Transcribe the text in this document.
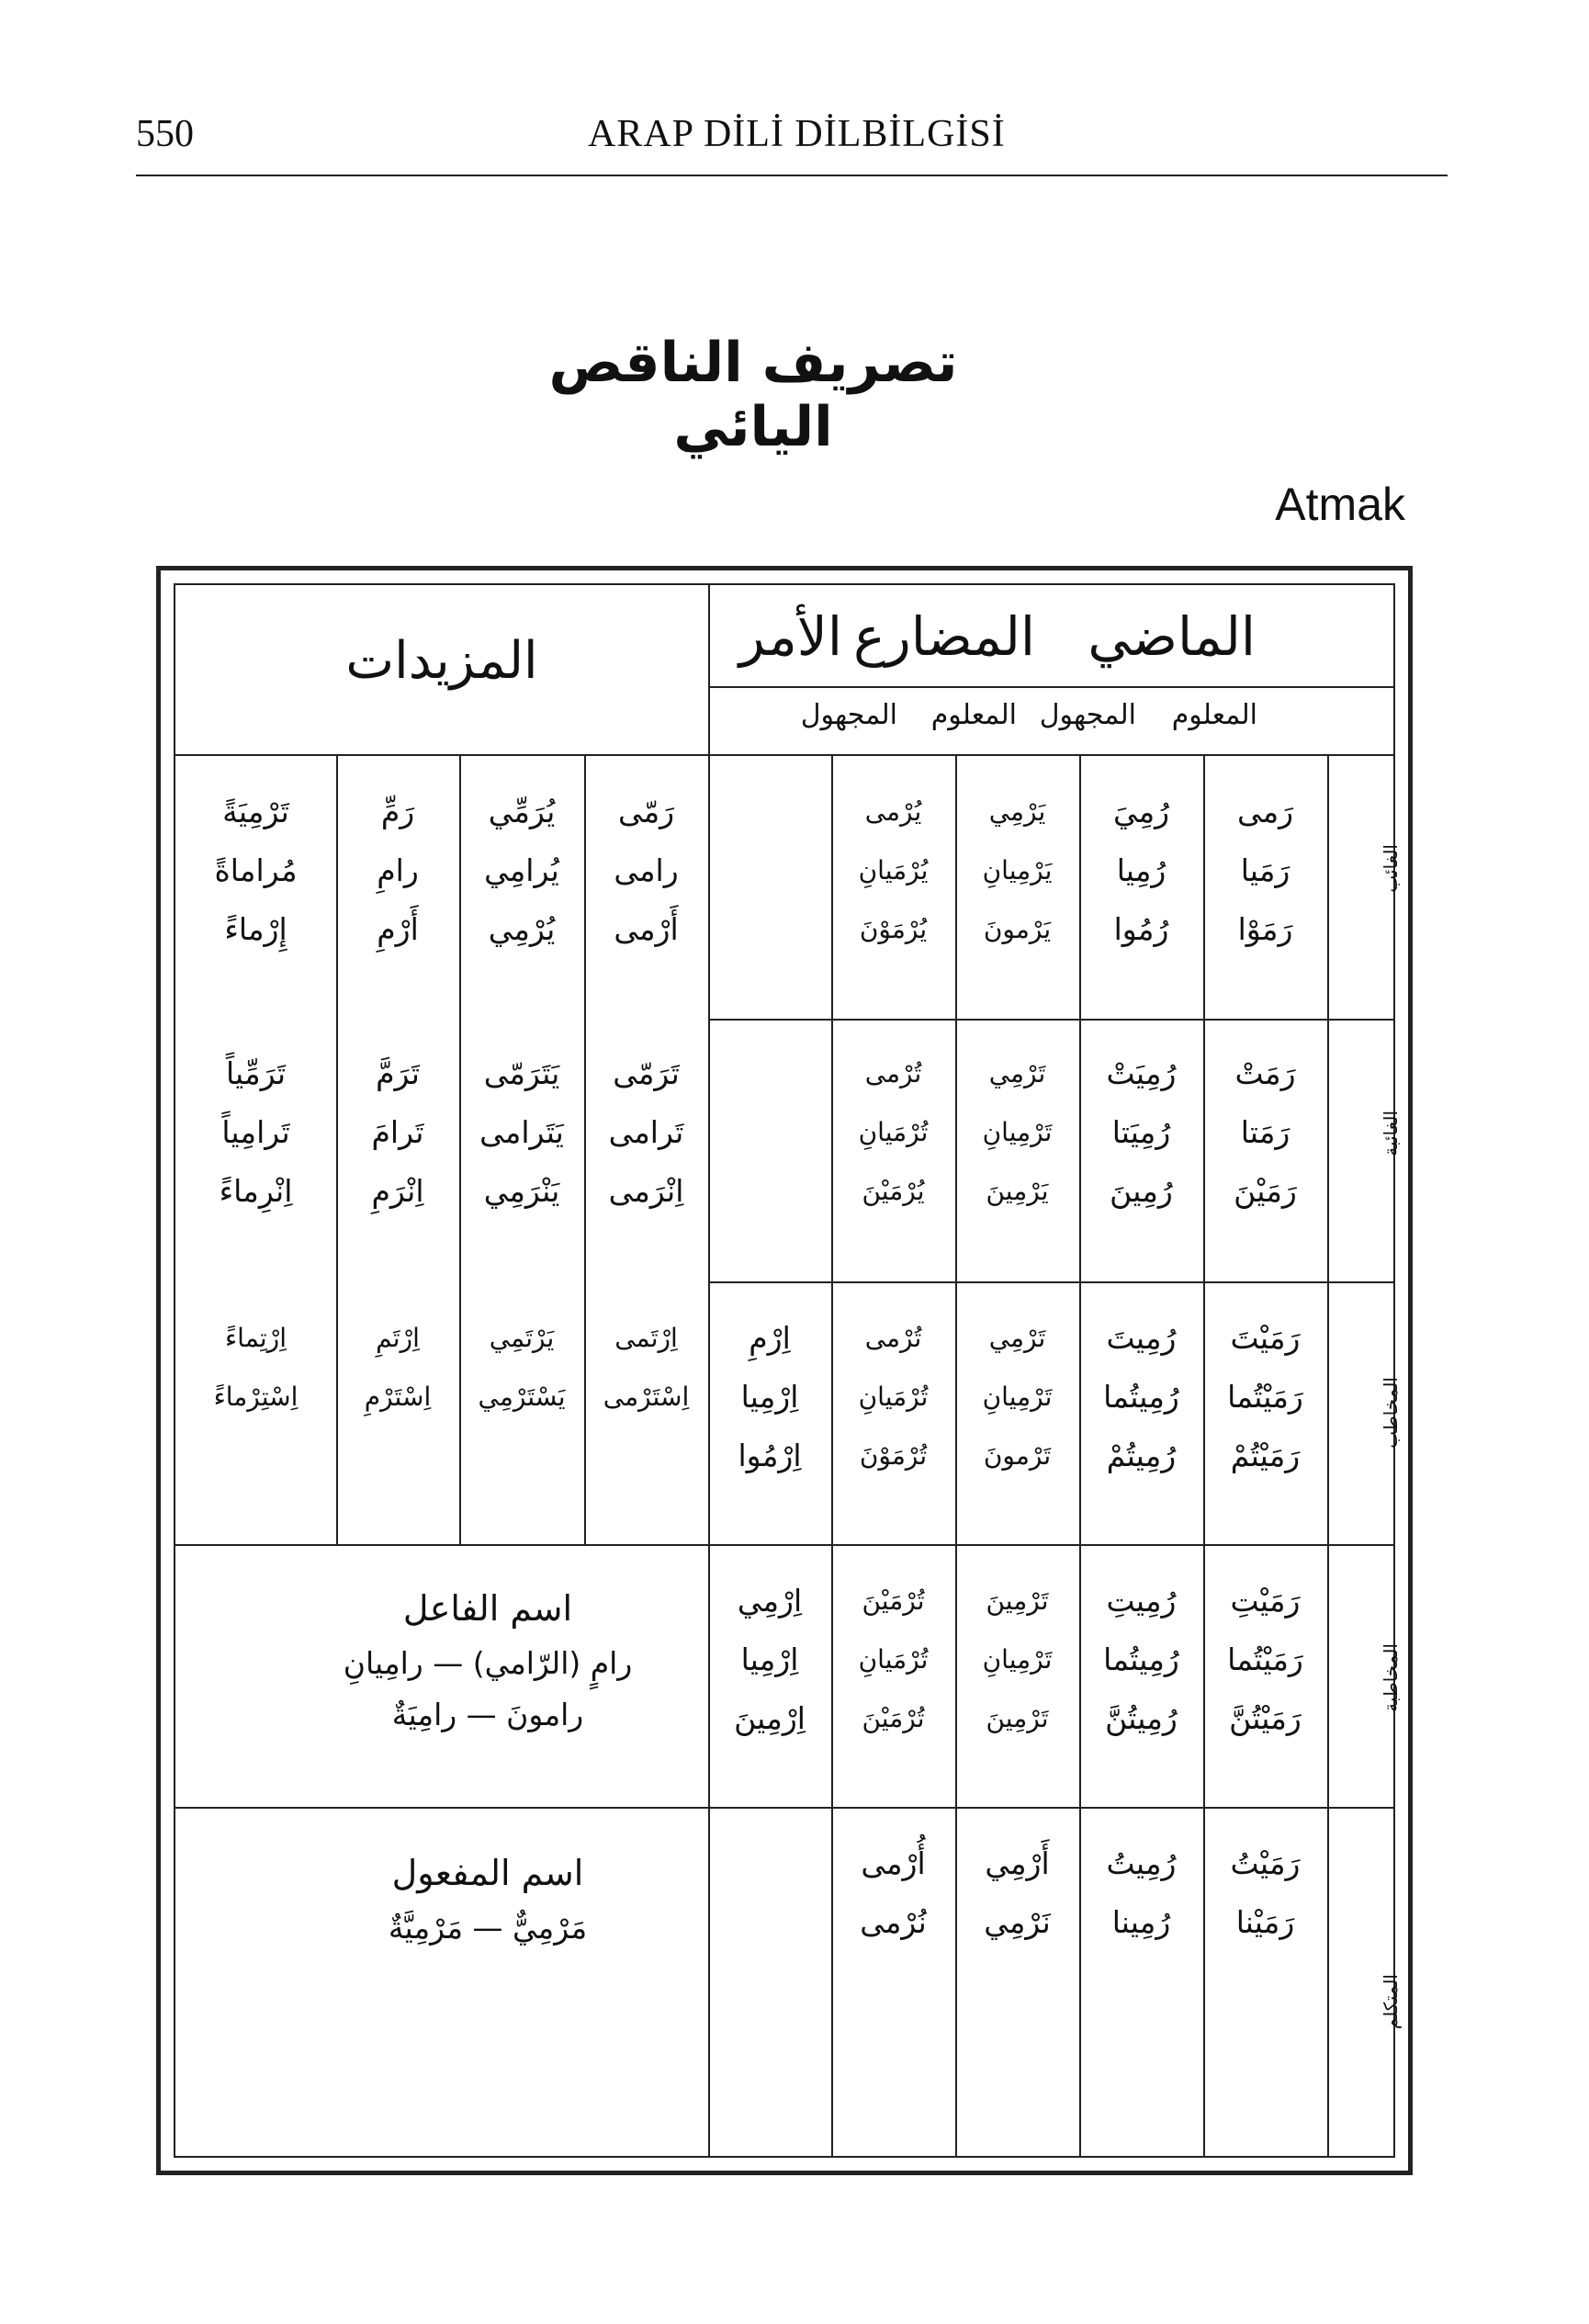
550	ARAP DİLİ DİLBİLGİSİ
تصريف الناقص اليائي
Atmak
الماضي
المضارع
الأمر
المعلوم
المجهول
المعلوم
المجهول
المزيدات
الغائب
رَمى
رَمَيا
رَمَوْا
رُمِيَ
رُمِيا
رُمُوا
يَرْمِي
يَرْمِيانِ
يَرْمونَ
يُرْمى
يُرْمَيانِ
يُرْمَوْنَ
رَمّى
رامى
أَرْمى
يُرَمِّي
يُرامِي
يُرْمِي
رَمِّ
رامِ
أَرْمِ
تَرْمِيَةً
مُراماةً
إِرْماءً
الغائبة
رَمَتْ
رَمَتا
رَمَيْنَ
رُمِيَتْ
رُمِيَتا
رُمِينَ
تَرْمِي
تَرْمِيانِ
يَرْمِينَ
تُرْمى
تُرْمَيانِ
يُرْمَيْنَ
تَرَمّى
تَرامى
اِنْرَمى
يَتَرَمّى
يَتَرامى
يَنْرَمِي
تَرَمَّ
تَرامَ
اِنْرَمِ
تَرَمِّياً
تَرامِياً
اِنْرِماءً
المخاطب
رَمَيْتَ
رَمَيْتُما
رَمَيْتُمْ
رُمِيتَ
رُمِيتُما
رُمِيتُمْ
تَرْمِي
تَرْمِيانِ
تَرْمونَ
تُرْمى
تُرْمَيانِ
تُرْمَوْنَ
اِرْمِ
اِرْمِيا
اِرْمُوا
اِرْتَمى
اِسْتَرْمى
يَرْتَمِي
يَسْتَرْمِي
اِرْتَمِ
اِسْتَرْمِ
اِرْتِماءً
اِسْتِرْماءً
المخاطبة
رَمَيْتِ
رَمَيْتُما
رَمَيْتُنَّ
رُمِيتِ
رُمِيتُما
رُمِيتُنَّ
تَرْمِينَ
تَرْمِيانِ
تَرْمِينَ
تُرْمَيْنَ
تُرْمَيانِ
تُرْمَيْنَ
اِرْمِي
اِرْمِيا
اِرْمِينَ
اسم الفاعل
رامٍ (الرّامي) — رامِيانِ
رامونَ — رامِيَةٌ
المتكلم
رَمَيْتُ
رَمَيْنا
رُمِيتُ
رُمِينا
أَرْمِي
نَرْمِي
أُرْمى
نُرْمى
اسم المفعول
مَرْمِيٌّ — مَرْمِيَّةٌ
